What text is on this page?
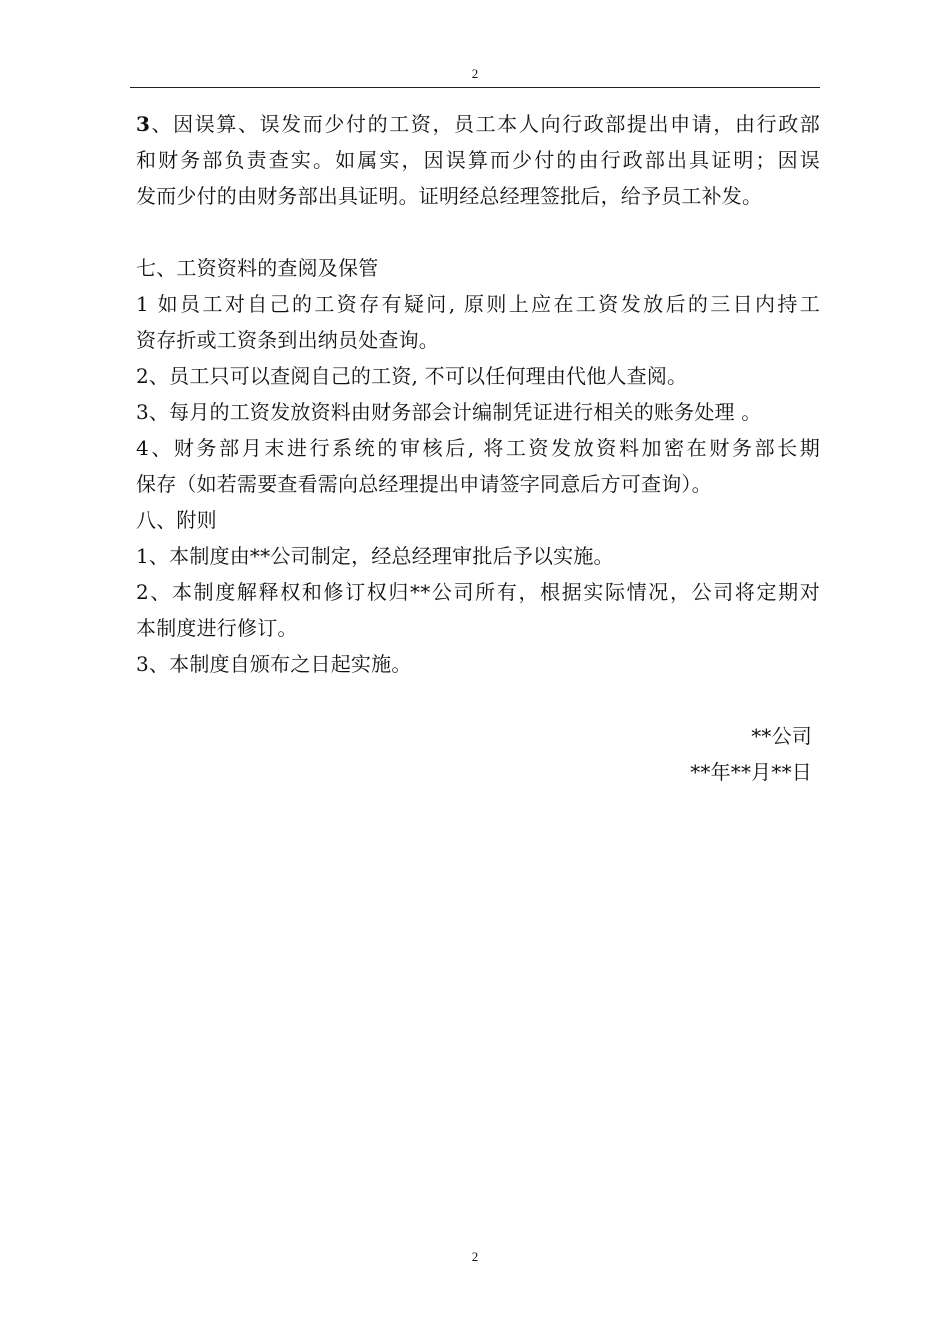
2
3、因误算、误发而少付的工资，员工本人向行政部提出申请，由行政部
和财务部负责查实。如属实，因误算而少付的由行政部出具证明；因误
发而少付的由财务部出具证明。证明经总经理签批后，给予员工补发。
七、工资资料的查阅及保管
1 如员工对自己的工资存有疑问, 原则上应在工资发放后的三日内持工
资存折或工资条到出纳员处查询。
2、员工只可以查阅自己的工资, 不可以任何理由代他人查阅。
3、每月的工资发放资料由财务部会计编制凭证进行相关的账务处理 。
4、财务部月末进行系统的审核后, 将工资发放资料加密在财务部长期
保存（如若需要查看需向总经理提出申请签字同意后方可查询）。
八、附则
1、本制度由**公司制定，经总经理审批后予以实施。
2、本制度解释权和修订权归**公司所有，根据实际情况，公司将定期对
本制度进行修订。
3、本制度自颁布之日起实施。
**公司
**年**月**日
2
